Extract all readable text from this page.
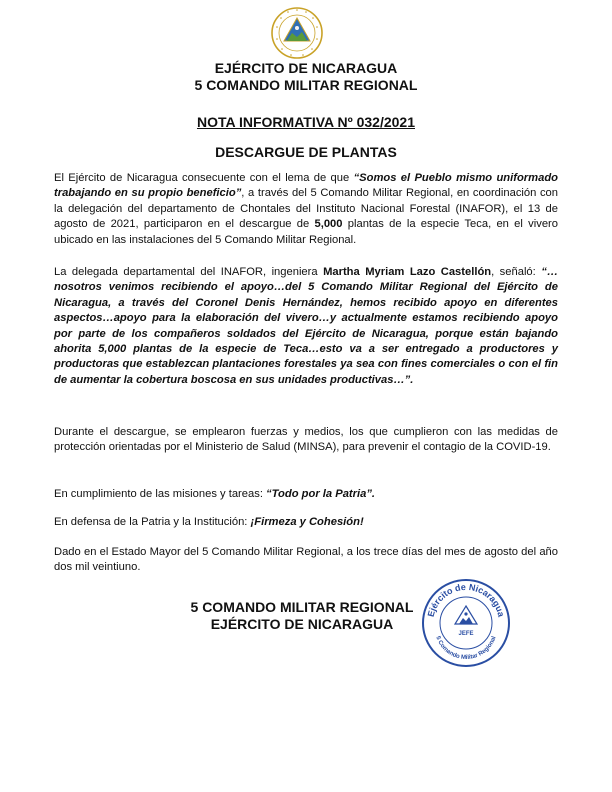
EJÉRCITO DE NICARAGUA
5 COMANDO MILITAR REGIONAL
NOTA INFORMATIVA Nº 032/2021
DESCARGUE DE PLANTAS

El Ejército de Nicaragua consecuente con el lema de que “Somos el Pueblo mismo uniformado trabajando en su propio beneficio”, a través del 5 Comando Militar Regional, en coordinación con la delegación del departamento de Chontales del Instituto Nacional Forestal (INAFOR), el 13 de agosto de 2021, participaron en el descargue de 5,000 plantas de la especie Teca, en el vivero ubicado en las instalaciones del 5 Comando Militar Regional.

La delegada departamental del INAFOR, ingeniera Martha Myriam Lazo Castellón, señaló: “…nosotros venimos recibiendo el apoyo…del 5 Comando Militar Regional del Ejército de Nicaragua, a través del Coronel Denis Hernández, hemos recibido apoyo en diferentes aspectos…apoyo para la elaboración del vivero…y actualmente estamos recibiendo apoyo por parte de los compañeros soldados del Ejército de Nicaragua, porque están bajando ahorita 5,000 plantas de la especie de Teca…esto va a ser entregado a productores y productoras que establezcan plantaciones forestales ya sea con fines comerciales o con el fin de aumentar la cobertura boscosa en sus unidades productivas…”.

Durante el descargue, se emplearon fuerzas y medios, los que cumplieron con las medidas de protección orientadas por el Ministerio de Salud (MINSA), para prevenir el contagio de la COVID-19.

En cumplimiento de las misiones y tareas: “Todo por la Patria”.

En defensa de la Patria y la Institución: ¡Firmeza y Cohesión!

Dado en el Estado Mayor del 5 Comando Militar Regional, a los trece días del mes de agosto del año dos mil veintiuno.

5 COMANDO MILITAR REGIONAL
EJÉRCITO DE NICARAGUA
Ejército de Nicaragua
5 Comando Militar Regional
JEFE
